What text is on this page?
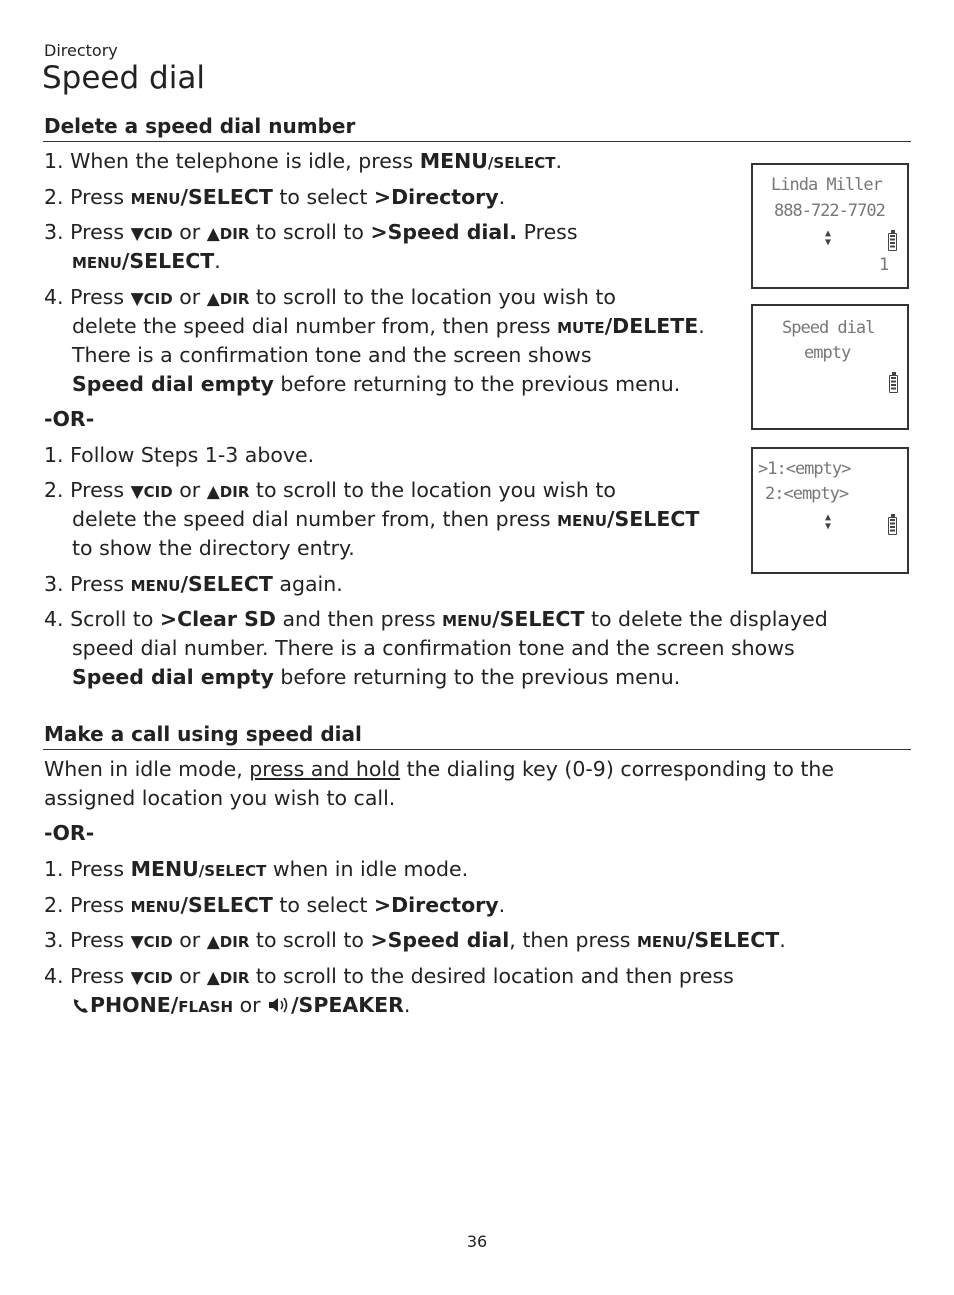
Directory
Speed dial
Delete a speed dial number
1. When the telephone is idle, press MENU/SELECT.
2. Press MENU/SELECT to select >Directory.
3. Press ▼CID or ▲DIR to scroll to >Speed dial. Press
MENU/SELECT.
4. Press ▼CID or ▲DIR to scroll to the location you wish to
delete the speed dial number from, then press MUTE/DELETE.
There is a confirmation tone and the screen shows
Speed dial empty before returning to the previous menu.
-OR-
1. Follow Steps 1-3 above.
2. Press ▼CID or ▲DIR to scroll to the location you wish to
delete the speed dial number from, then press MENU/SELECT
to show the directory entry.
3. Press MENU/SELECT again.
4. Scroll to >Clear SD and then press MENU/SELECT to delete the displayed
speed dial number. There is a confirmation tone and the screen shows
Speed dial empty before returning to the previous menu.
Linda Miller
888-722-7702
▲
▼
1
Speed dial
empty
>1:<empty>
2:<empty>
▲
▼
Make a call using speed dial
When in idle mode, press and hold the dialing key (0-9) corresponding to the
assigned location you wish to call.
-OR-
1. Press MENU/SELECT when in idle mode.
2. Press MENU/SELECT to select >Directory.
3. Press ▼CID or ▲DIR to scroll to >Speed dial, then press MENU/SELECT.
4. Press ▼CID or ▲DIR to scroll to the desired location and then press
PHONE/FLASH or /SPEAKER.
36
